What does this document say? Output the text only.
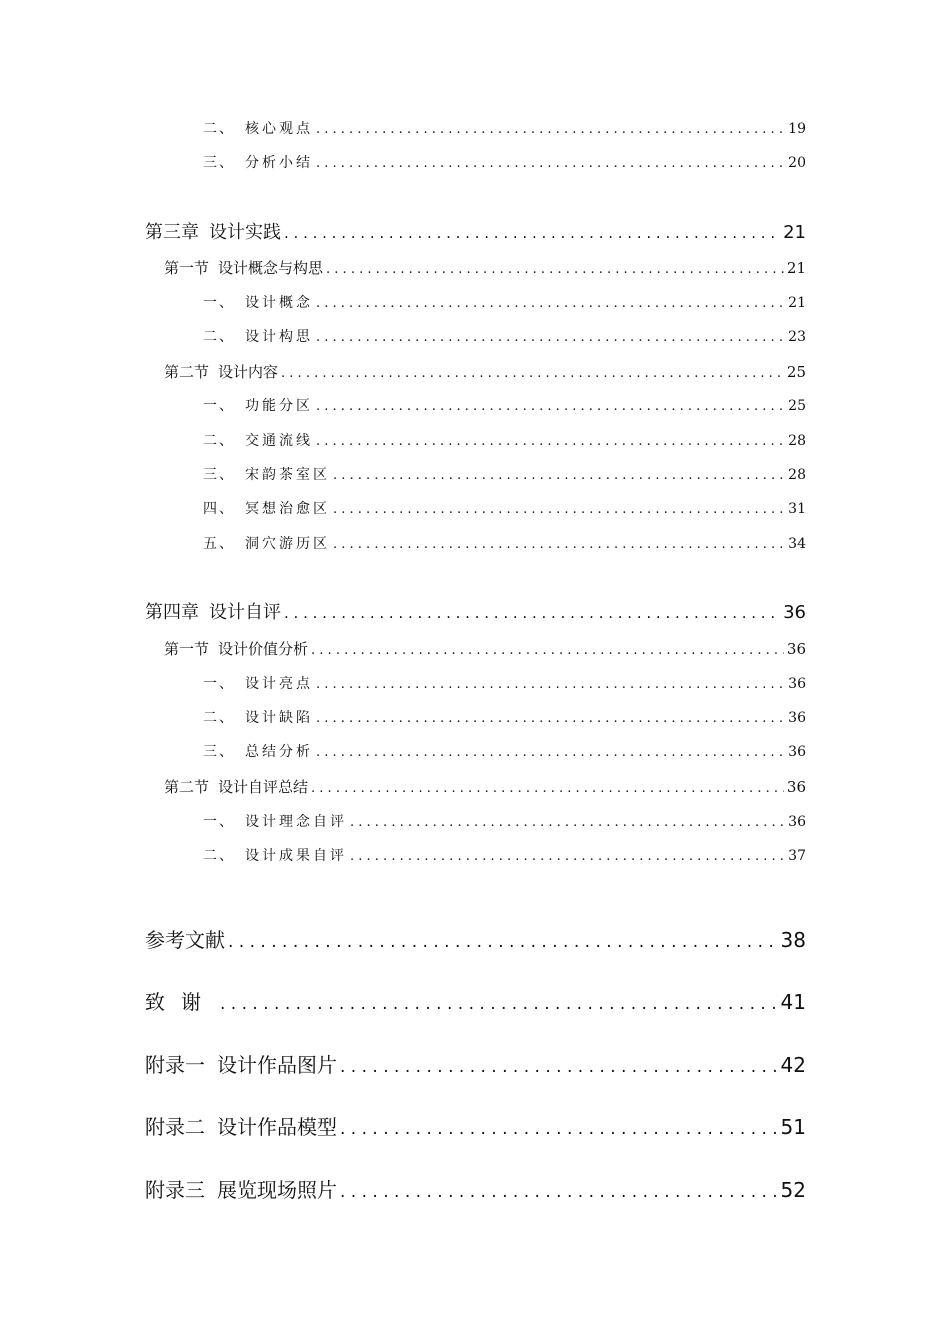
二、 核心观点 . . .	19
三、 分析小结 . . .	20
第三章 设计实践 . . .	21
第一节 设计概念与构思 . . .	21
一、 设计概念 . . .	21
二、 设计构思 . . .	23
第二节 设计内容 . . .	25
一、 功能分区 . . .	25
二、 交通流线 . . .	28
三、 宋韵茶室区 . . .	28
四、 冥想治愈区 . . .	31
五、 洞穴游历区 . . .	34
第四章 设计自评 . . .	36
第一节 设计价值分析 . . .	36
一、 设计亮点 . . .	36
二、 设计缺陷 . . .	36
三、 总结分析 . . .	36
第二节 设计自评总结 . . .	36
一、 设计理念自评 . . .	36
二、 设计成果自评 . . .	37
参考文献 . . .	38
致谢 . . .	41
附录一 设计作品图片 . . .	42
附录二 设计作品模型 . . .	51
附录三 展览现场照片 . . .	52
